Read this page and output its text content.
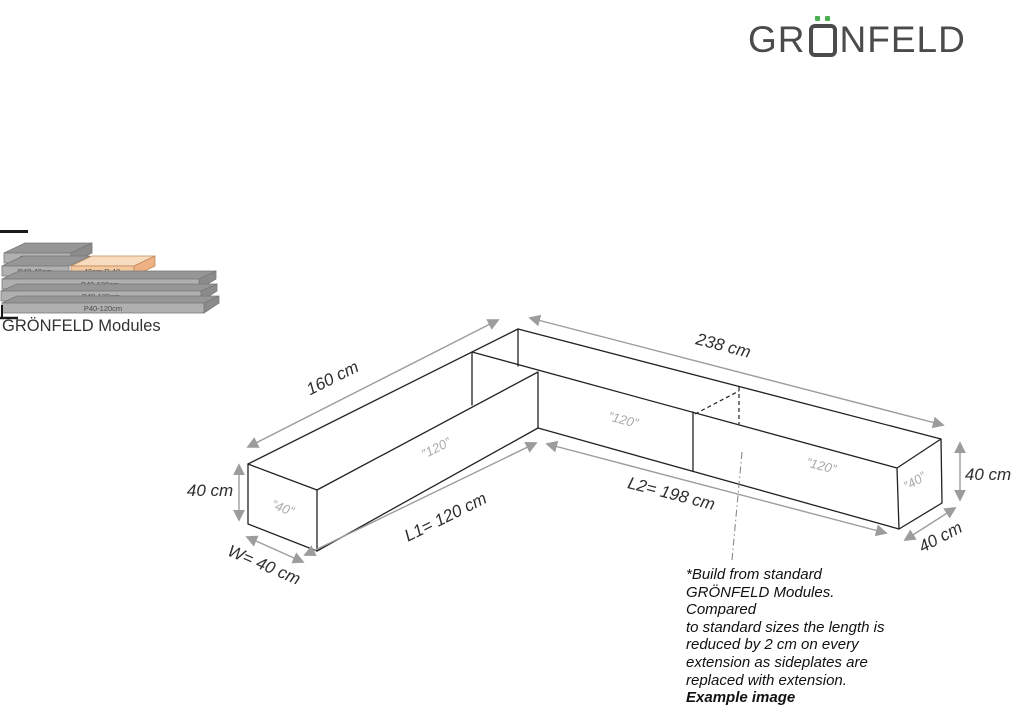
GR NFELD
P40-120cm
GRÖNFELD Modules
160 cm
238 cm
40 cm
W= 40 cm
L1= 120 cm	L2= 198 cm	40 cm
40 cm
”40”
”120”
”120”
”120”
”40”
*Build from standard
GRÖNFELD Modules. Compared
to standard sizes the length is
reduced by 2 cm on every
extension as sideplates are
replaced with extension.
Example image
